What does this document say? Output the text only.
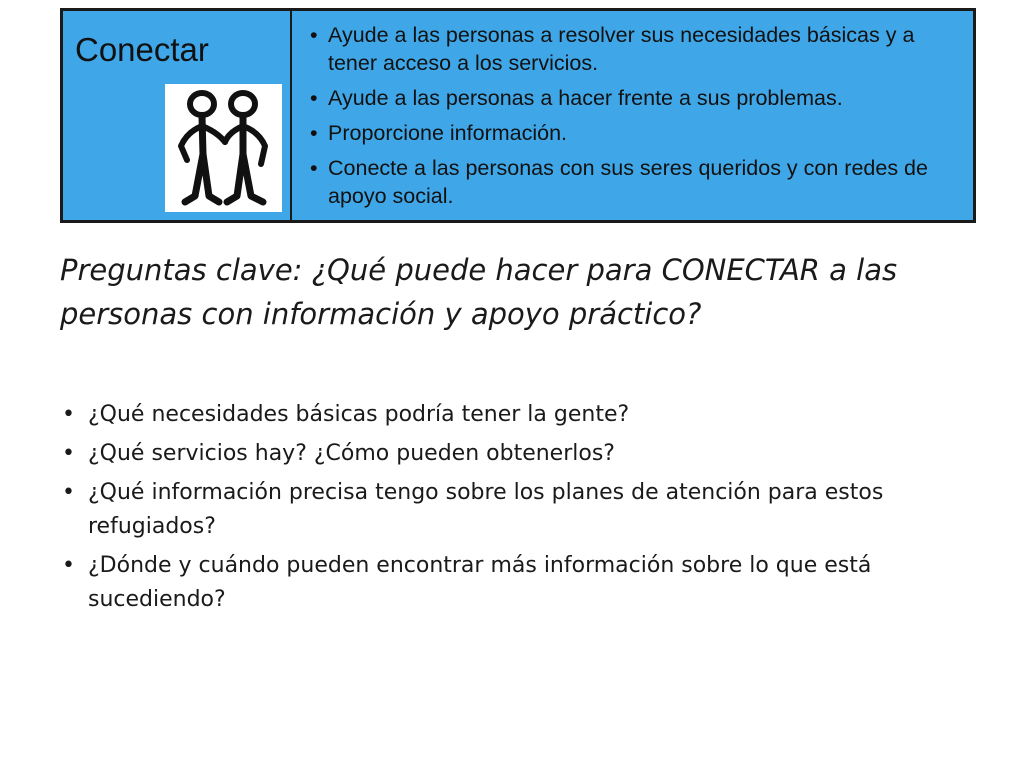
Conectar
•	Ayude a las personas a resolver sus necesidades básicas y a tener acceso a los servicios.
• Ayude a las personas a hacer frente a sus problemas.
• Proporcione información.
• Conecte a las personas con sus seres queridos y con redes de apoyo social.
Preguntas clave: ¿Qué puede hacer para CONECTAR a las personas con información y apoyo práctico?
• ¿Qué necesidades básicas podría tener la gente?
• ¿Qué servicios hay? ¿Cómo pueden obtenerlos?
• ¿Qué información precisa tengo sobre los planes de atención para estos refugiados?
• ¿Dónde y cuándo pueden encontrar más información sobre lo que está sucediendo?
